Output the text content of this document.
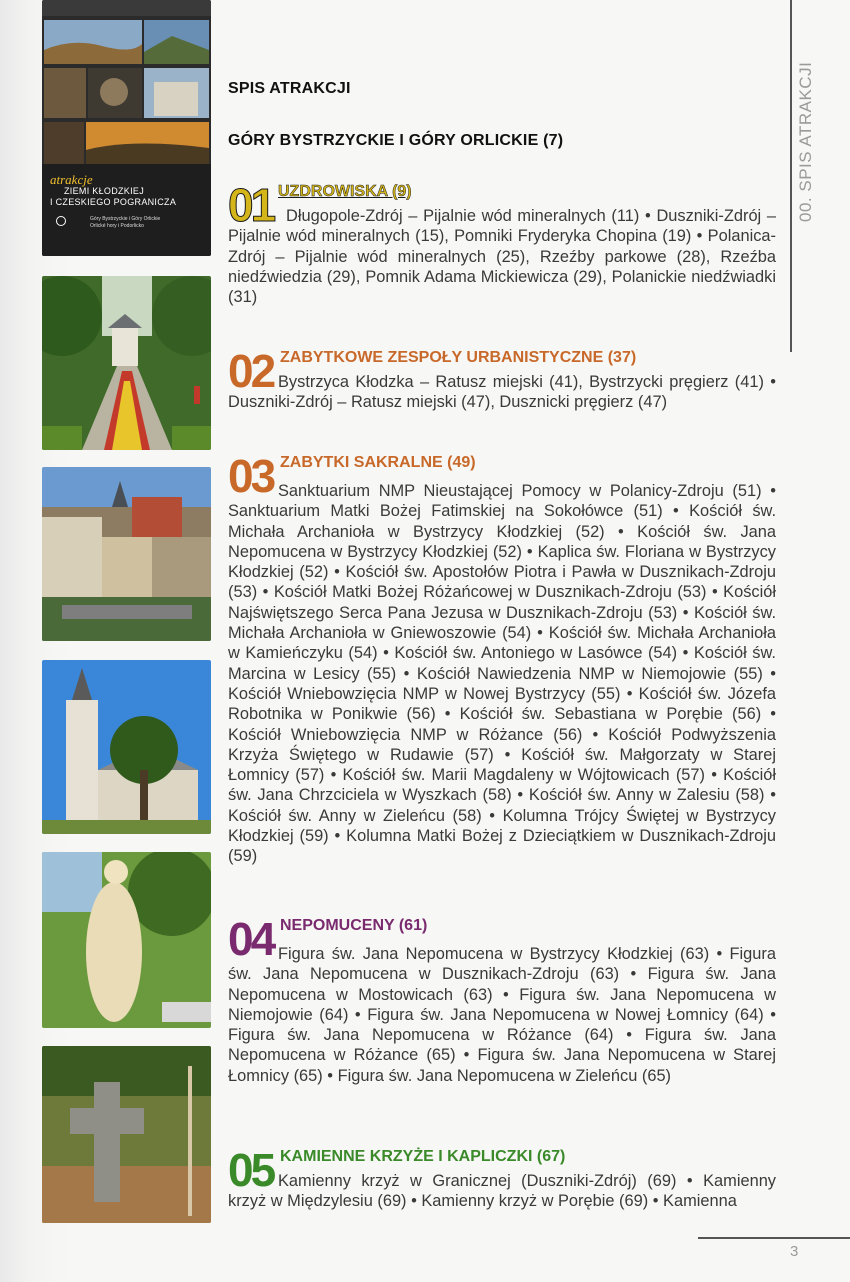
atrakcje
ZIEMI KŁODZKIEJ
I CZESKIEGO POGRANICZA
Góry Bystrzyckie i Góry Orlickie
Orlické hory i Podorlicko
00. SPIS ATRAKCJI
3
SPIS ATRAKCJI
GÓRY BYSTRZYCKIE I GÓRY ORLICKIE (7)
01 UZDROWISKA (9)
Długopole-Zdrój – Pijalnie wód mineralnych (11) • Duszniki-Zdrój – Pijalnie wód mineralnych (15), Pomniki Fryderyka Chopina (19) • Polanica-Zdrój – Pijalnie wód mineralnych (25), Rzeźby parkowe (28), Rzeźba niedźwiedzia (29), Pomnik Adama Mickiewicza (29), Polanickie niedźwiadki (31)
02 ZABYTKOWE ZESPOŁY URBANISTYCZNE (37)
Bystrzyca Kłodzka – Ratusz miejski (41), Bystrzycki pręgierz (41) • Duszniki-Zdrój – Ratusz miejski (47), Dusznicki pręgierz (47)
03 ZABYTKI SAKRALNE (49)
Sanktuarium NMP Nieustającej Pomocy w Polanicy-Zdroju (51) • Sanktuarium Matki Bożej Fatimskiej na Sokołówce (51) • Kościół św. Michała Archanioła w Bystrzycy Kłodzkiej (52) • Kościół św. Jana Nepomucena w Bystrzycy Kłodzkiej (52) • Kaplica św. Floriana w Bystrzycy Kłodzkiej (52) • Kościół św. Apostołów Piotra i Pawła w Dusznikach-Zdroju (53) • Kościół Matki Bożej Różańcowej w Dusznikach-Zdroju (53) • Kościół Najświętszego Serca Pana Jezusa w Dusznikach-Zdroju (53) • Kościół św. Michała Archanioła w Gniewoszowie (54) • Kościół św. Michała Archanioła w Kamieńczyku (54) • Kościół św. Antoniego w Lasówce (54) • Kościół św. Marcina w Lesicy (55) • Kościół Nawiedzenia NMP w Niemojowie (55) • Kościół Wniebowzięcia NMP w Nowej Bystrzycy (55) • Kościół św. Józefa Robotnika w Ponikwie (56) • Kościół św. Sebastiana w Porębie (56) • Kościół Wniebowzięcia NMP w Różance (56) • Kościół Podwyższenia Krzyża Świętego w Rudawie (57) • Kościół św. Małgorzaty w Starej Łomnicy (57) • Kościół św. Marii Magdaleny w Wójtowicach (57) • Kościół św. Jana Chrzciciela w Wyszkach (58) • Kościół św. Anny w Zalesiu (58) • Kościół św. Anny w Zieleńcu (58) • Kolumna Trójcy Świętej w Bystrzycy Kłodzkiej (59) • Kolumna Matki Bożej z Dzieciątkiem w Dusznikach-Zdroju (59)
04 NEPOMUCENY (61)
Figura św. Jana Nepomucena w Bystrzycy Kłodzkiej (63) • Figura św. Jana Nepomucena w Dusznikach-Zdroju (63) • Figura św. Jana Nepomucena w Mostowicach (63) • Figura św. Jana Nepomucena w Niemojowie (64) • Figura św. Jana Nepomucena w Nowej Łomnicy (64) • Figura św. Jana Nepomucena w Różance (64) • Figura św. Jana Nepomucena w Różance (65) • Figura św. Jana Nepomucena w Starej Łomnicy (65) • Figura św. Jana Nepomucena w Zieleńcu (65)
05 KAMIENNE KRZYŻE I KAPLICZKI (67)
Kamienny krzyż w Granicznej (Duszniki-Zdrój) (69) • Kamienny krzyż w Międzylesiu (69) • Kamienny krzyż w Porębie (69) • Kamienna
